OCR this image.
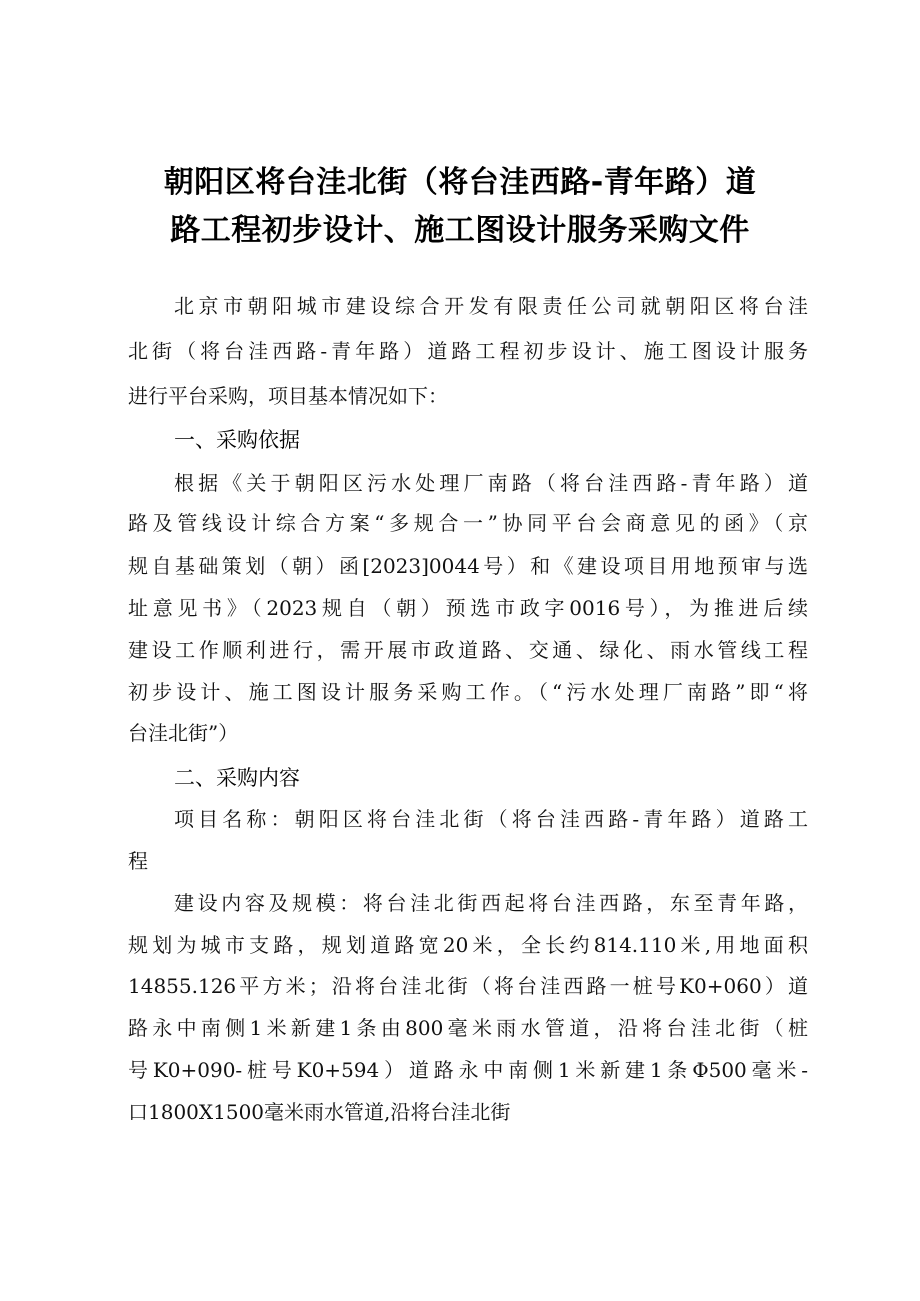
朝阳区将台洼北街（将台洼西路-青年路）道
路工程初步设计、施工图设计服务采购文件
北京市朝阳城市建设综合开发有限责任公司就朝阳区将台洼
北街（将台洼西路-青年路）道路工程初步设计、施工图设计服务
进行平台采购，项目基本情况如下：
一、采购依据
根据《关于朝阳区污水处理厂南路（将台洼西路-青年路）道
路及管线设计综合方案“多规合一”协同平台会商意见的函》（京
规自基础策划（朝）函[2023]0044号）和《建设项目用地预审与选
址意见书》（2023规自（朝）预选市政字0016号），为推进后续
建设工作顺利进行，需开展市政道路、交通、绿化、雨水管线工程
初步设计、施工图设计服务采购工作。（“污水处理厂南路”即“将
台洼北街”）
二、采购内容
项目名称：朝阳区将台洼北街（将台洼西路-青年路）道路工
程
建设内容及规模：将台洼北街西起将台洼西路，东至青年路，
规划为城市支路，规划道路宽20米，全长约814.110米,用地面积
14855.126平方米；沿将台洼北街（将台洼西路一桩号K0+060）道
路永中南侧1米新建1条由800毫米雨水管道，沿将台洼北街（桩
号K0+090-桩号K0+594）道路永中南侧1米新建1条Φ500毫米-
口1800X1500毫米雨水管道,沿将台洼北街
